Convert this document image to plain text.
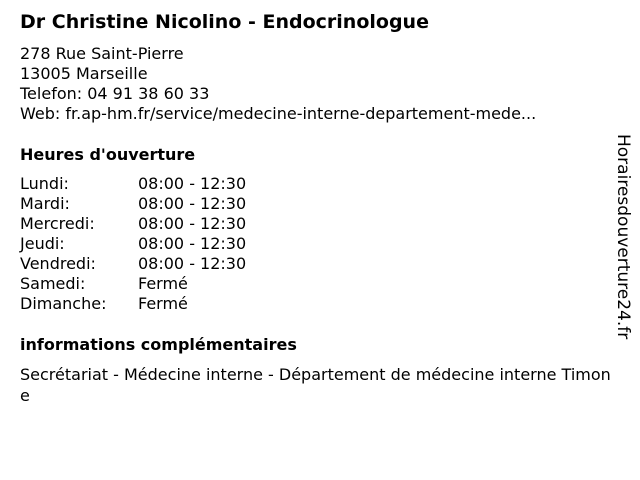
Dr Christine Nicolino - Endocrinologue
278 Rue Saint-Pierre
13005 Marseille
Telefon: 04 91 38 60 33
Web: fr.ap-hm.fr/service/medecine-interne-departement-mede...
Heures d'ouverture
Lundi:	08:00 - 12:30
Mardi:	08:00 - 12:30
Mercredi:	08:00 - 12:30
Jeudi:	08:00 - 12:30
Vendredi:	08:00 - 12:30
Samedi:	Fermé
Dimanche:	Fermé
informations complémentaires
Secrétariat - Médecine interne - Département de médecine interne Timone
Horairesdouverture24.fr
